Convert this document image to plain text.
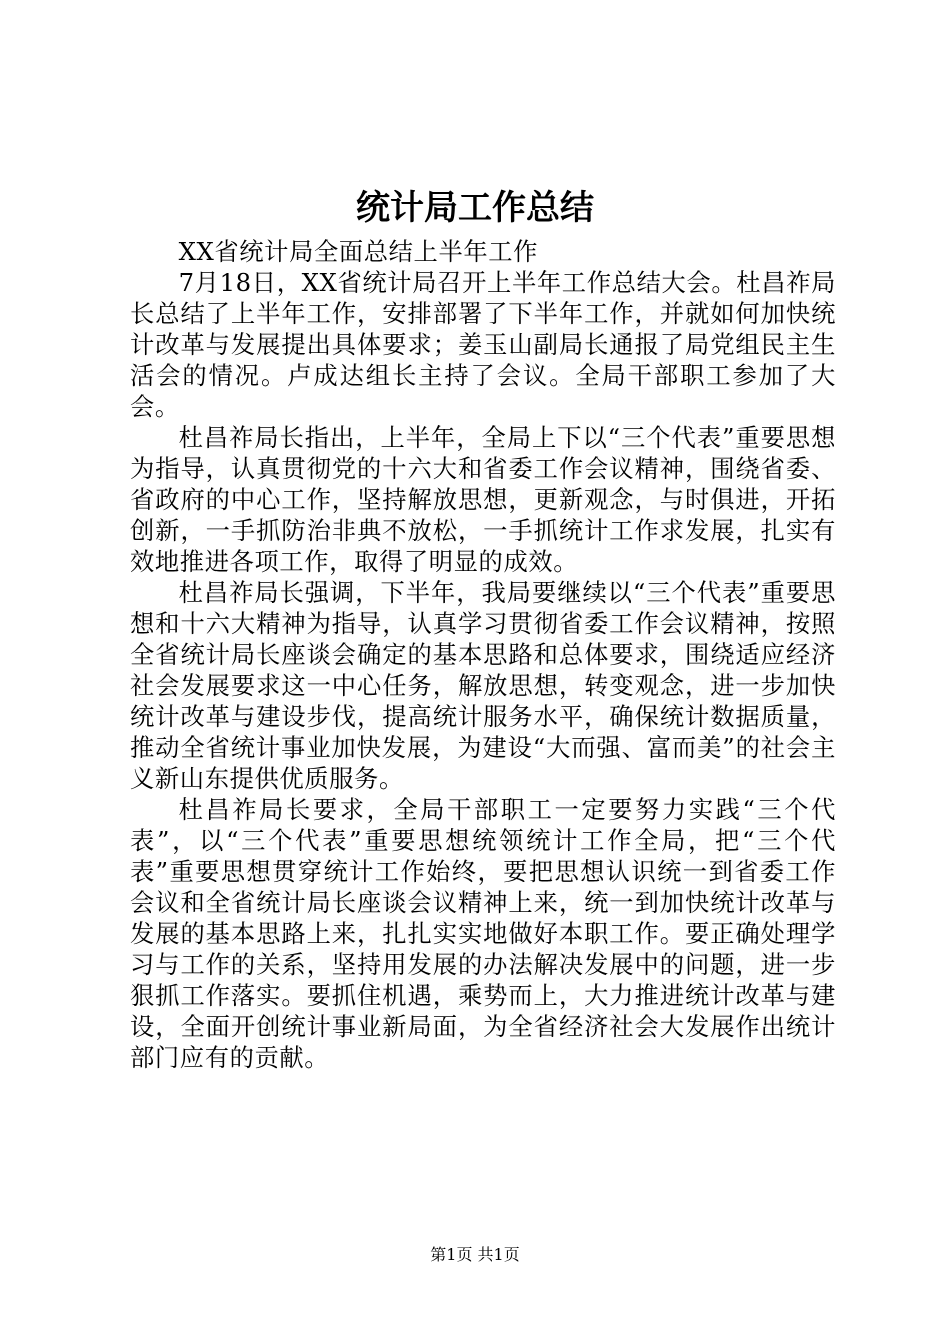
统计局工作总结

XX省统计局全面总结上半年工作

7月18日，XX省统计局召开上半年工作总结大会。杜昌祚局长总结了上半年工作，安排部署了下半年工作，并就如何加快统计改革与发展提出具体要求；姜玉山副局长通报了局党组民主生活会的情况。卢成达组长主持了会议。全局干部职工参加了大会。

杜昌祚局长指出，上半年，全局上下以“三个代表”重要思想为指导，认真贯彻党的十六大和省委工作会议精神，围绕省委、省政府的中心工作，坚持解放思想，更新观念，与时俱进，开拓创新，一手抓防治非典不放松，一手抓统计工作求发展，扎实有效地推进各项工作，取得了明显的成效。

杜昌祚局长强调，下半年，我局要继续以“三个代表”重要思想和十六大精神为指导，认真学习贯彻省委工作会议精神，按照全省统计局长座谈会确定的基本思路和总体要求，围绕适应经济社会发展要求这一中心任务，解放思想，转变观念，进一步加快统计改革与建设步伐，提高统计服务水平，确保统计数据质量，推动全省统计事业加快发展，为建设“大而强、富而美”的社会主义新山东提供优质服务。

杜昌祚局长要求，全局干部职工一定要努力实践“三个代表”，以“三个代表”重要思想统领统计工作全局，把“三个代表”重要思想贯穿统计工作始终，要把思想认识统一到省委工作会议和全省统计局长座谈会议精神上来，统一到加快统计改革与发展的基本思路上来，扎扎实实地做好本职工作。要正确处理学习与工作的关系，坚持用发展的办法解决发展中的问题，进一步狠抓工作落实。要抓住机遇，乘势而上，大力推进统计改革与建设，全面开创统计事业新局面，为全省经济社会大发展作出统计部门应有的贡献。

第1页 共1页
